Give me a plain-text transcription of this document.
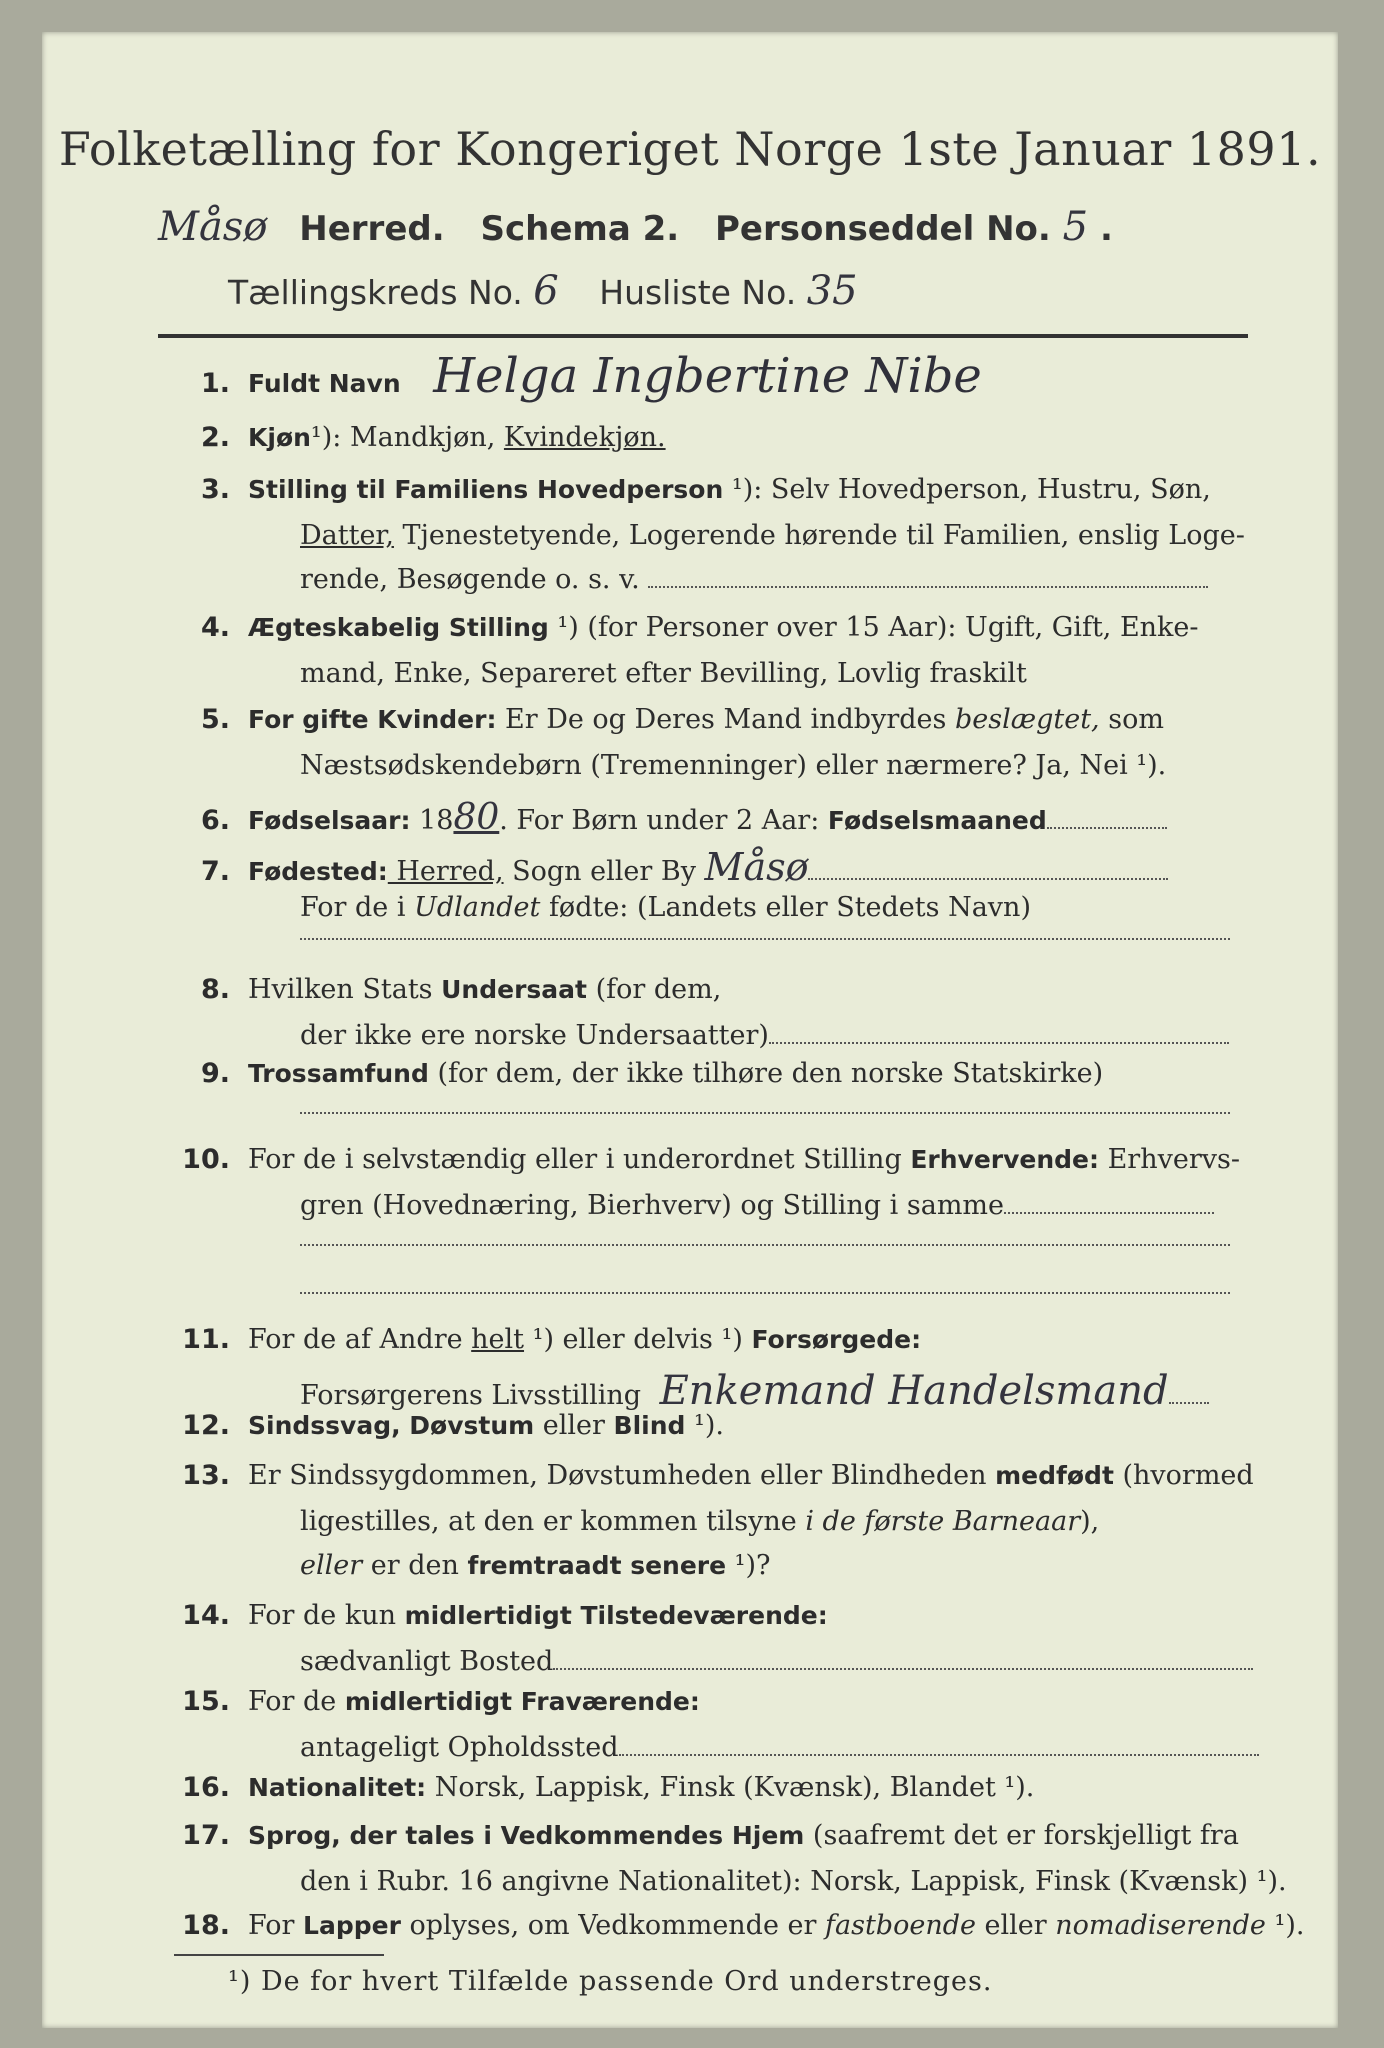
Folketælling for Kongeriget Norge 1ste Januar 1891.
Måsø Herred. Schema 2. Personseddel No. 5 .
Tællingskreds No. 6 Husliste No. 35
1. Fuldt Navn Helga Ingbertine Nibe
2. Kjøn¹): Mandkjøn, Kvindekjøn.
3. Stilling til Familiens Hovedperson ¹): Selv Hovedperson, Hustru, Søn,
Datter, Tjenestetyende, Logerende hørende til Familien, enslig Loge-
rende, Besøgende o. s. v.
4. Ægteskabelig Stilling ¹) (for Personer over 15 Aar): Ugift, Gift, Enke-
mand, Enke, Separeret efter Bevilling, Lovlig fraskilt
5. For gifte Kvinder: Er De og Deres Mand indbyrdes beslægtet, som
Næstsødskendebørn (Tremenninger) eller nærmere? Ja, Nei ¹).
6. Fødselsaar: 1880. For Børn under 2 Aar: Fødselsmaaned
7. Fødested: Herred, Sogn eller By Måsø
For de i Udlandet fødte: (Landets eller Stedets Navn)
8. Hvilken Stats Undersaat (for dem,
der ikke ere norske Undersaatter)
9. Trossamfund (for dem, der ikke tilhøre den norske Statskirke)
10. For de i selvstændig eller i underordnet Stilling Erhvervende: Erhvervs-
gren (Hovednæring, Bierhverv) og Stilling i samme
11. For de af Andre helt ¹) eller delvis ¹) Forsørgede:
Forsørgerens Livsstilling Enkemand Handelsmand
12. Sindssvag, Døvstum eller Blind ¹).
13. Er Sindssygdommen, Døvstumheden eller Blindheden medfødt (hvormed
ligestilles, at den er kommen tilsyne i de første Barneaar),
eller er den fremtraadt senere ¹)?
14. For de kun midlertidigt Tilstedeværende:
sædvanligt Bosted
15. For de midlertidigt Fraværende:
antageligt Opholdssted
16. Nationalitet: Norsk, Lappisk, Finsk (Kvænsk), Blandet ¹).
17. Sprog, der tales i Vedkommendes Hjem (saafremt det er forskjelligt fra
den i Rubr. 16 angivne Nationalitet): Norsk, Lappisk, Finsk (Kvænsk) ¹).
18. For Lapper oplyses, om Vedkommende er fastboende eller nomadiserende ¹).
¹) De for hvert Tilfælde passende Ord understreges.
